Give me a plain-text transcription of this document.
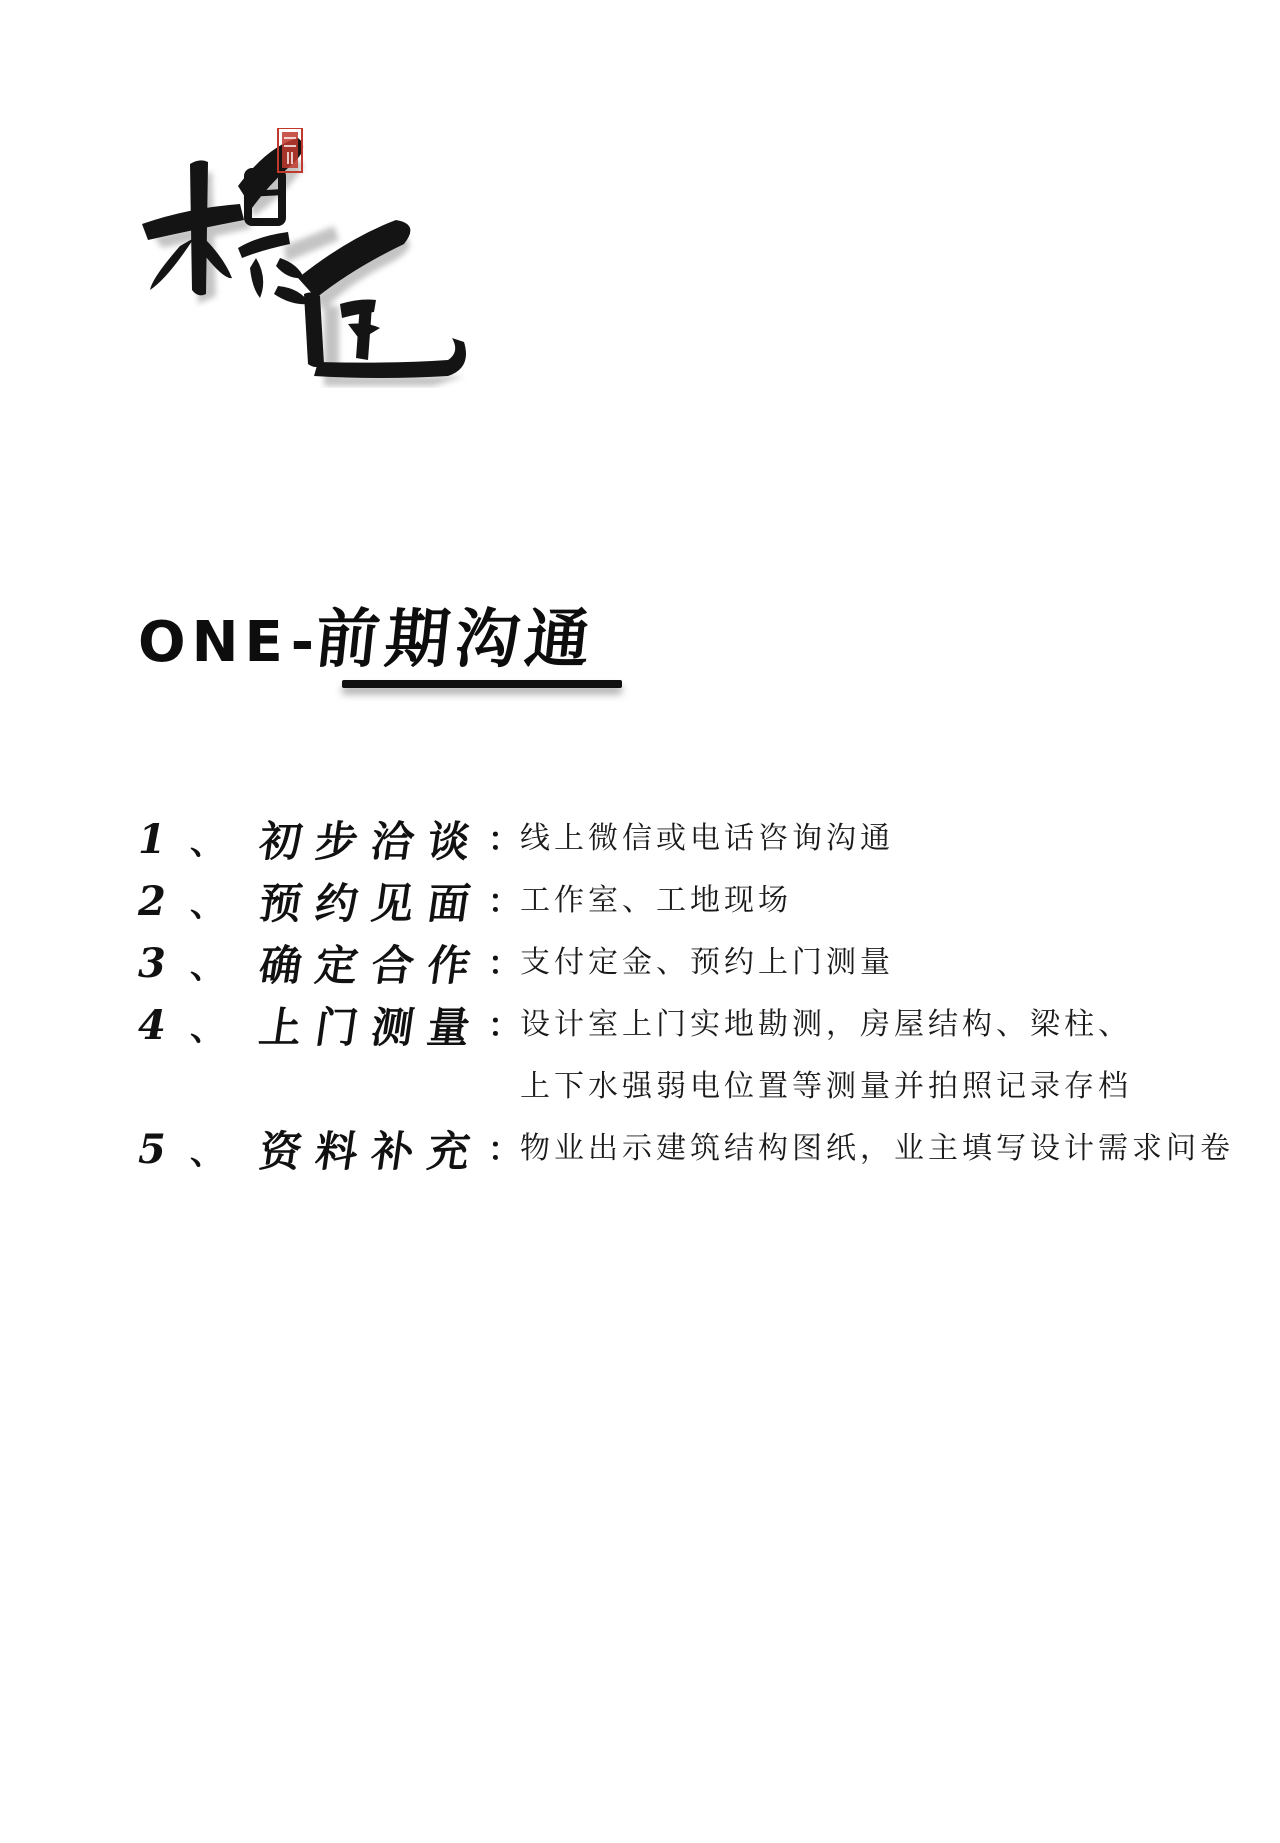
ONE -
前期沟通
1 、 初步洽谈 ： 线上微信或电话咨询沟通
2 、 预约见面 ： 工作室、工地现场
3 、 确定合作 ： 支付定金、预约上门测量
4 、 上门测量 ： 设计室上门实地勘测，房屋结构、梁柱、
上下水强弱电位置等测量并拍照记录存档
5 、 资料补充 ： 物业出示建筑结构图纸，业主填写设计需求问卷
